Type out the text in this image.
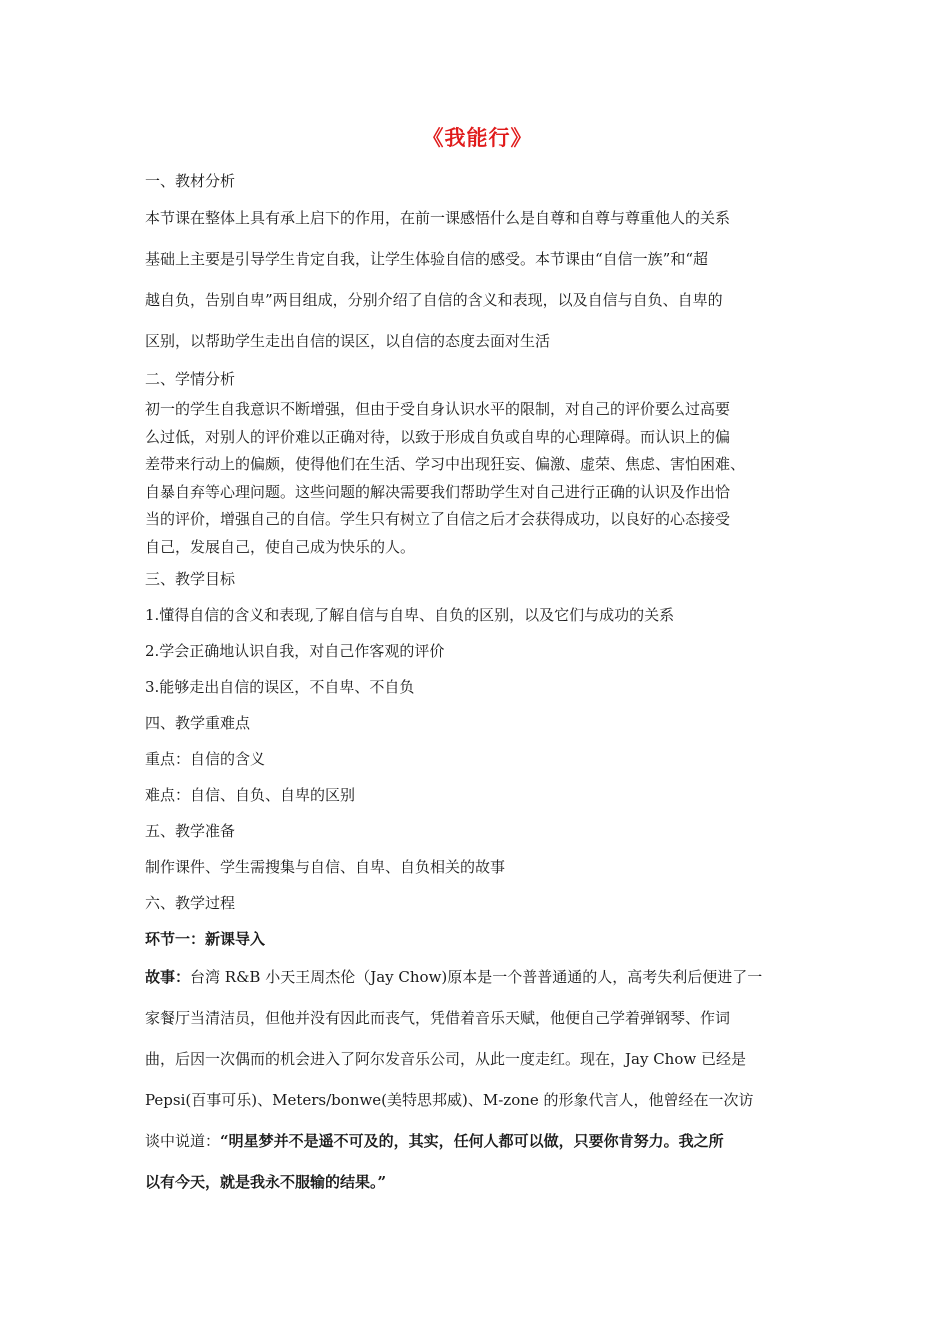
《我能行》
一、教材分析
本节课在整体上具有承上启下的作用，在前一课感悟什么是自尊和自尊与尊重他人的关系
基础上主要是引导学生肯定自我，让学生体验自信的感受。本节课由“自信一族”和“超
越自负，告别自卑”两目组成，分别介绍了自信的含义和表现，以及自信与自负、自卑的
区别，以帮助学生走出自信的误区，以自信的态度去面对生活
二、学情分析
初一的学生自我意识不断增强，但由于受自身认识水平的限制，对自己的评价要么过高要
么过低，对别人的评价难以正确对待，以致于形成自负或自卑的心理障碍。而认识上的偏
差带来行动上的偏颇，使得他们在生活、学习中出现狂妄、偏激、虚荣、焦虑、害怕困难、
自暴自弃等心理问题。这些问题的解决需要我们帮助学生对自己进行正确的认识及作出恰
当的评价，增强自己的自信。学生只有树立了自信之后才会获得成功，以良好的心态接受
自己，发展自己，使自己成为快乐的人。
三、教学目标
1.懂得自信的含义和表现,了解自信与自卑、自负的区别，以及它们与成功的关系
2.学会正确地认识自我，对自己作客观的评价
3.能够走出自信的误区，不自卑、不自负
四、教学重难点
重点：自信的含义
难点：自信、自负、自卑的区别
五、教学准备
制作课件、学生需搜集与自信、自卑、自负相关的故事
六、教学过程
环节一：新课导入
故事：台湾 R&B 小天王周杰伦（Jay Chow)原本是一个普普通通的人，高考失利后便进了一
家餐厅当清洁员，但他并没有因此而丧气，凭借着音乐天赋，他便自己学着弹钢琴、作词
曲，后因一次偶而的机会进入了阿尔发音乐公司，从此一度走红。现在，Jay Chow 已经是
Pepsi(百事可乐)、Meters/bonwe(美特思邦威)、M-zone 的形象代言人，他曾经在一次访
谈中说道：“明星梦并不是遥不可及的，其实，任何人都可以做，只要你肯努力。我之所
以有今天，就是我永不服输的结果。”
